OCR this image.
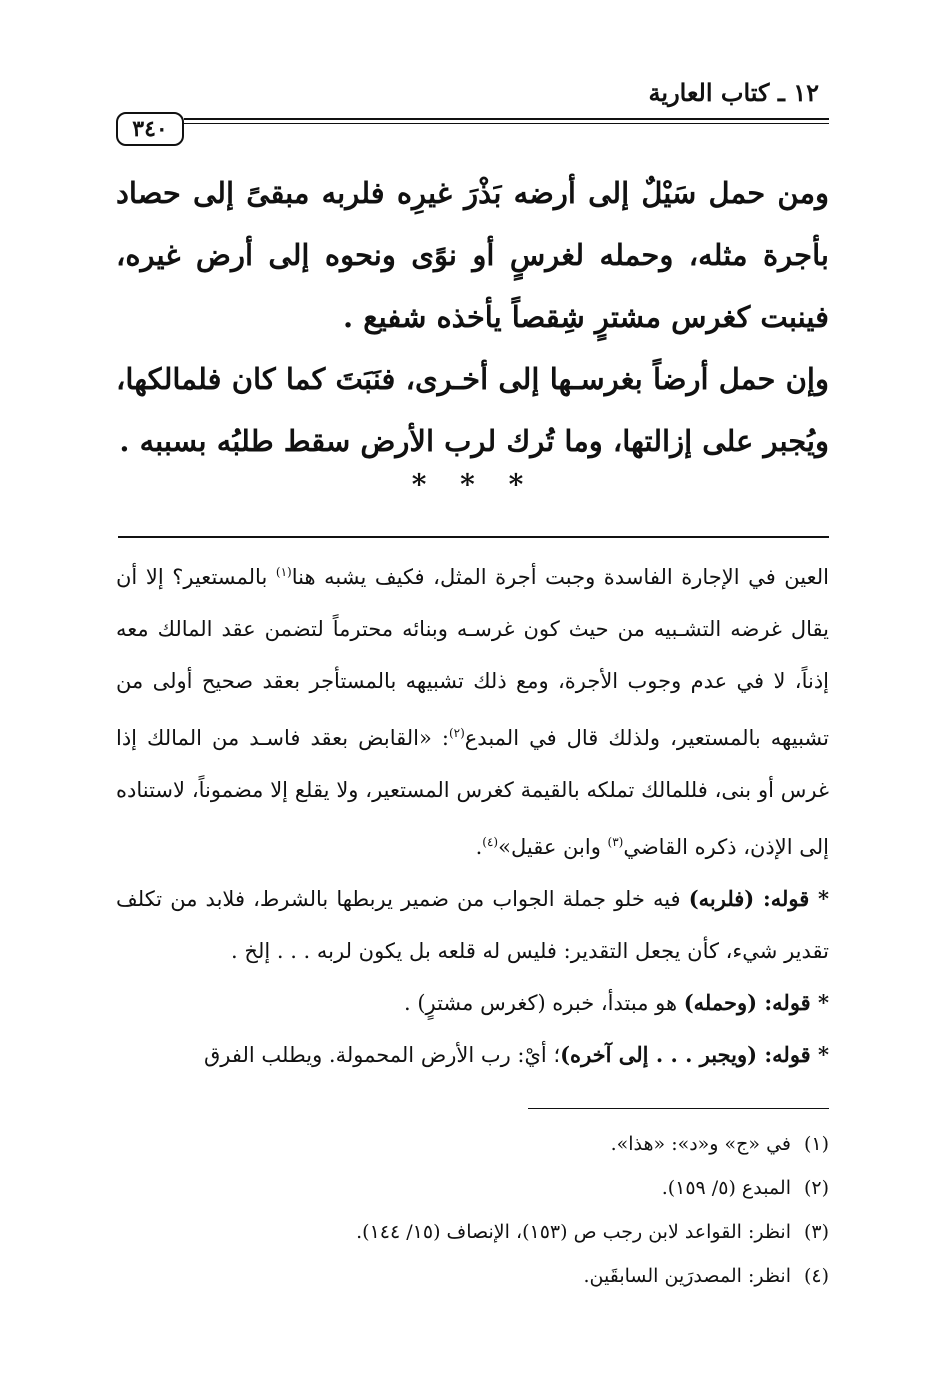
١٢ ـ كتاب العارية
٣٤٠

ومن حمل سَيْلٌ إلى أرضه بَذْرَ غيرِه فلربه مبقىً إلى حصاد بأجرة مثله، وحمله لغرسٍ أو نوًى ونحوه إلى أرض غيره، فينبت كغرس مشترٍ شِقصاً يأخذه شفيع .

وإن حمل أرضاً بغرسـها إلى أخـرى، فنَبَتَ كما كان فلمالكها، ويُجبر على إزالتها، وما تُرك لرب الأرض سقط طلبُه بسببه .

* * *

العين في الإجارة الفاسدة وجبت أجرة المثل، فكيف يشبه هنا$^{(١)}$ بالمستعير؟ إلا أن يقال غرضه التشـبيه من حيث كون غرسـه وبنائه محترماً لتضمن عقد المالك معه إذناً، لا في عدم وجوب الأجرة، ومع ذلك تشبيهه بالمستأجر بعقد صحيح أولى من تشبيهه بالمستعير، ولذلك قال في المبدع$^{(٢)}$: «القابض بعقد فاسـد من المالك إذا غرس أو بنى، فللمالك تملكه بالقيمة كغرس المستعير، ولا يقلع إلا مضموناً، لاستناده إلى الإذن، ذكره القاضي$^{(٣)}$ وابن عقيل»$^{(٤)}$.

* قوله: (فلربه) فيه خلو جملة الجواب من ضمير يربطها بالشرط، فلابد من تكلف تقدير شيء، كأن يجعل التقدير: فليس له قلعه بل يكون لربه . . . إلخ .

* قوله: (وحمله) هو مبتدأ، خبره (كغرس مشترٍ) .

* قوله: (ويجبر . . . إلى آخره)؛ أيْ: رب الأرض المحمولة. ويطلب الفرق

(١)في «ج» و«د»: «هذا».
(٢)المبدع (٥/ ١٥٩).
(٣)انظر: القواعد لابن رجب ص (١٥٣)، الإنصاف (١٥/ ١٤٤).
(٤)انظر: المصدرَين السابقَين.
